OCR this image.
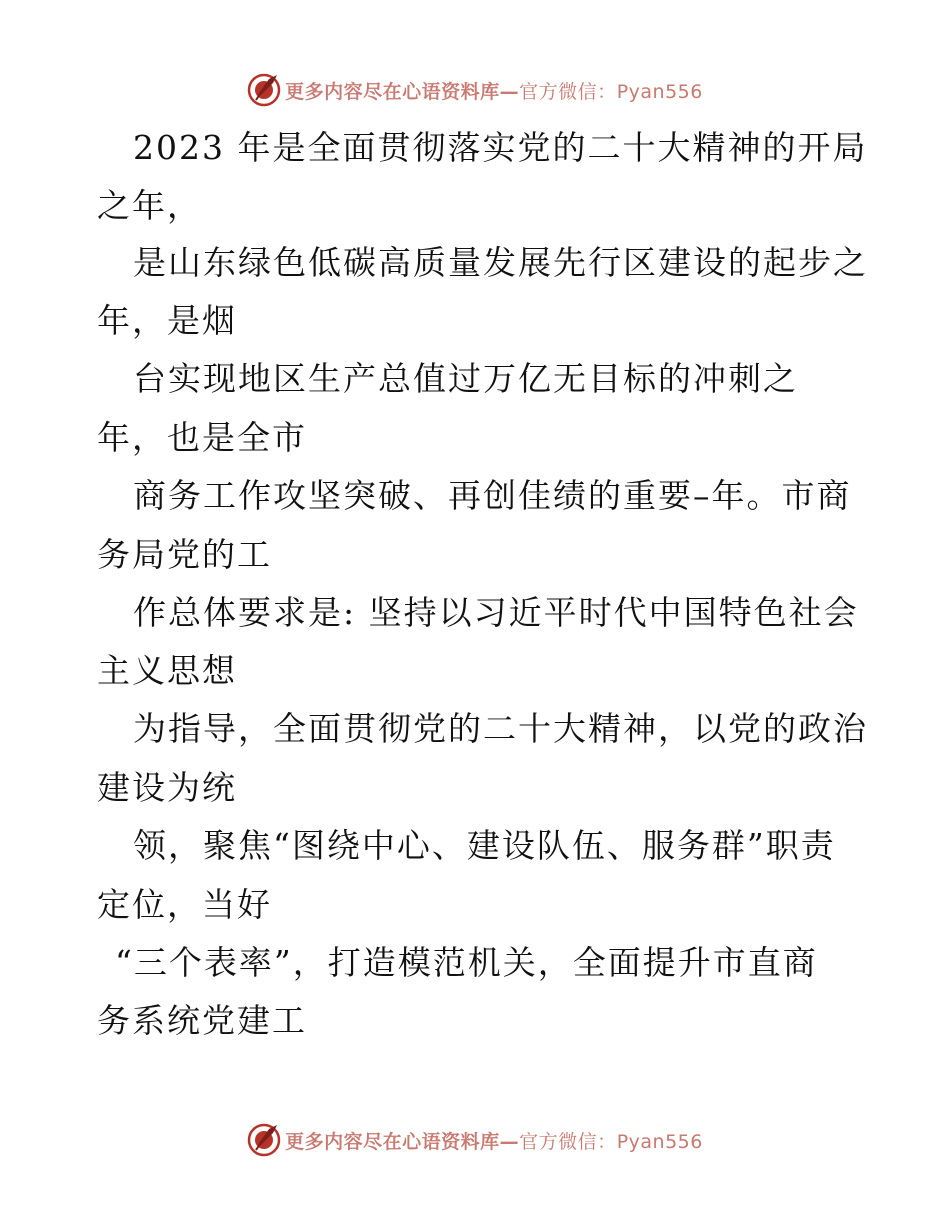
更多内容尽在心语资料库—官方微信：Pyan556
2023 年是全面贯彻落实党的二十大精神的开局
之年，
是山东绿色低碳高质量发展先行区建设的起步之
年，是烟
台实现地区生产总值过万亿无目标的冲刺之
年，也是全市
商务工作攻坚突破、再创佳绩的重要–年。市商
务局党的工
作总体要求是: 坚持以习近平时代中国特色社会
主义思想
为指导，全面贯彻党的二十大精神，以党的政治
建设为统
领，聚焦“图绕中心、建设队伍、服务群”职责
定位，当好
“三个表率”，打造模范机关，全面提升市直商
务系统党建工
更多内容尽在心语资料库—官方微信：Pyan556
